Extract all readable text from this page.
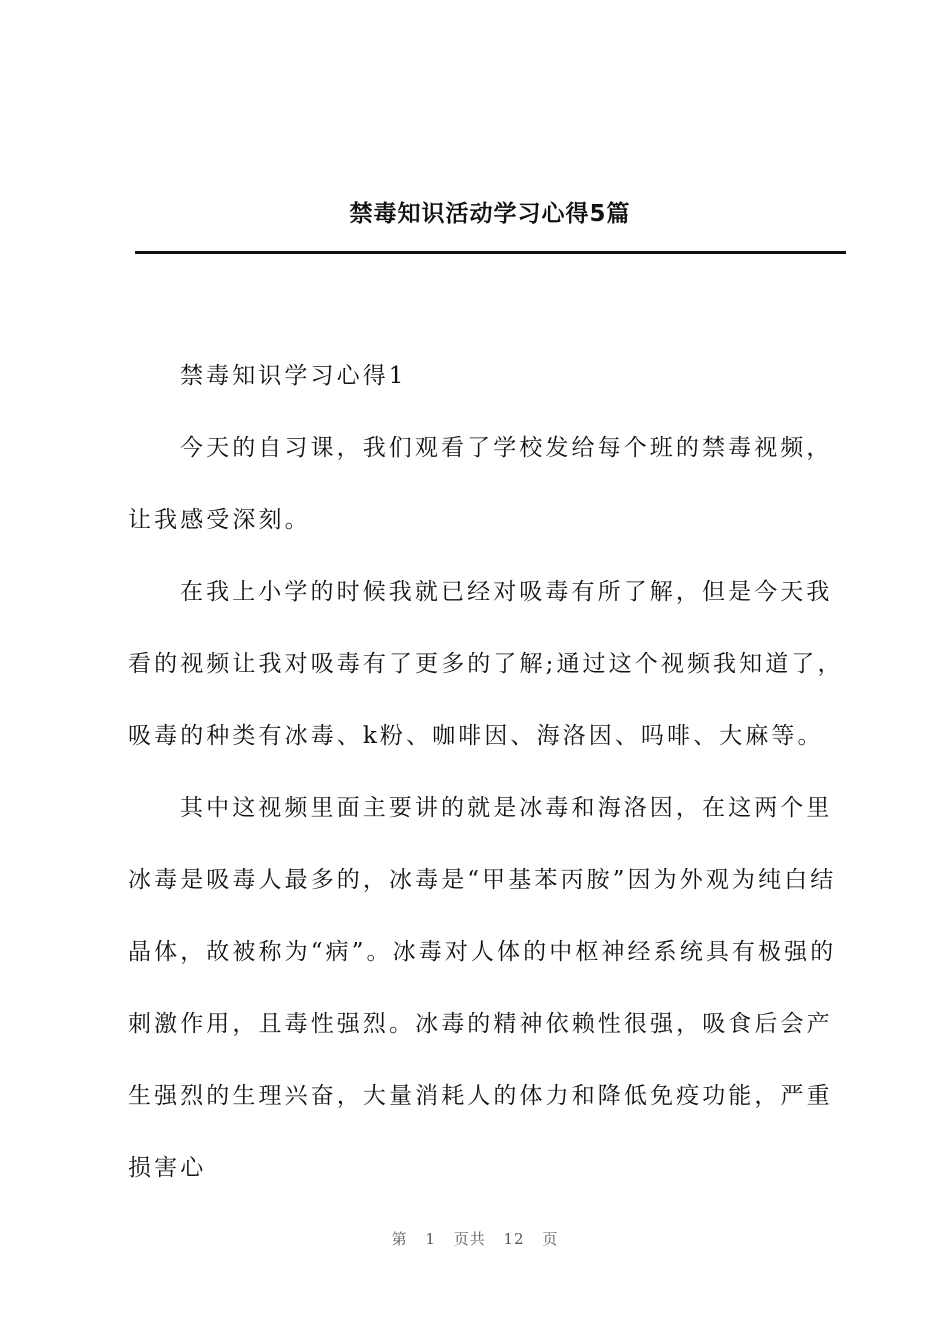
禁毒知识活动学习心得5篇

禁毒知识学习心得1

今天的自习课，我们观看了学校发给每个班的禁毒视频，让我感受深刻。

在我上小学的时候我就已经对吸毒有所了解，但是今天我看的视频让我对吸毒有了更多的了解;通过这个视频我知道了，吸毒的种类有冰毒、k粉、咖啡因、海洛因、吗啡、大麻等。

其中这视频里面主要讲的就是冰毒和海洛因，在这两个里冰毒是吸毒人最多的，冰毒是“甲基苯丙胺”因为外观为纯白结晶体，故被称为“病”。冰毒对人体的中枢神经系统具有极强的刺激作用，且毒性强烈。冰毒的精神依赖性很强，吸食后会产生强烈的生理兴奋，大量消耗人的体力和降低免疫功能，严重损害心

第 1 页共 12 页
